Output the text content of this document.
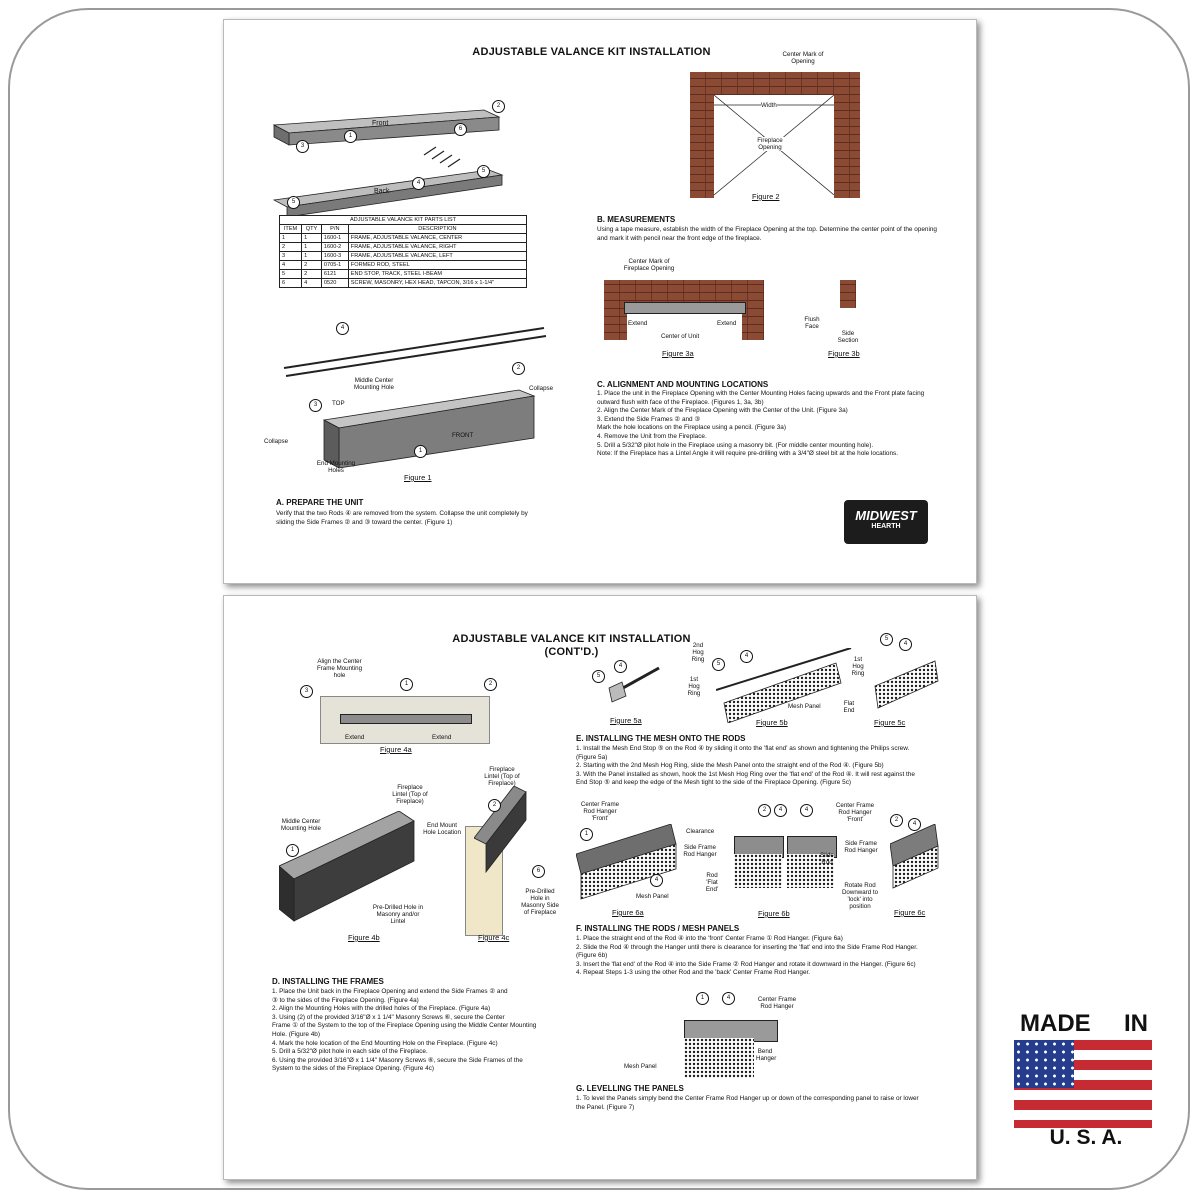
ADJUSTABLE VALANCE KIT INSTALLATION
Front
Back
1
2
3
6
4
5
5
ADJUSTABLE VALANCE KIT PARTS LIST			
ITEM	QTY	P/N	DESCRIPTION
1	1	1600-1	FRAME, ADJUSTABLE VALANCE, CENTER
2	1	1600-2	FRAME, ADJUSTABLE VALANCE, RIGHT
3	1	1600-3	FRAME, ADJUSTABLE VALANCE, LEFT
4	2	0705-1	FORMED ROD, STEEL
5	2	6121	END STOP, TRACK, STEEL I-BEAM
6	4	0520	SCREW, MASONRY, HEX HEAD, TAPCON, 3/16 x 1-1/4"
4
2
3
1
Middle Center Mounting Hole
TOP
FRONT
Collapse
Collapse
End Mounting Holes
Figure 1
A. PREPARE THE UNIT
Verify that the two Rods ④ are removed from the system. Collapse the unit completely by sliding the Side Frames ② and ③ toward the center. (Figure 1)
Center Mark of Opening
Width
Fireplace Opening
Figure 2
B. MEASUREMENTS
Using a tape measure, establish the width of the Fireplace Opening at the top. Determine the center point of the opening and mark it with pencil near the front edge of the fireplace.
Center Mark of Fireplace Opening
Extend	Extend
Center of Unit
Figure 3a
Flush Face
Side Section
Figure 3b
C. ALIGNMENT AND MOUNTING LOCATIONS
1. Place the unit in the Fireplace Opening with the Center Mounting Holes facing upwards and the Front plate facing outward flush with face of the Fireplace. (Figures 1, 3a, 3b)
2. Align the Center Mark of the Fireplace Opening with the Center of the Unit. (Figure 3a)
3. Extend the Side Frames ② and ③
Mark the hole locations on the Fireplace using a pencil. (Figure 3a)
4. Remove the Unit from the Fireplace.
5. Drill a 5/32"Ø pilot hole in the Fireplace using a masonry bit. (For middle center mounting hole).
Note: If the Fireplace has a Lintel Angle it will require pre-drilling with a 3/4"Ø steel bit at the hole locations.
MIDWEST
HEARTH
ADJUSTABLE VALANCE KIT INSTALLATION
(CONT'D.)
Align the Center Frame Mounting hole
3
1	2
Extend	Extend
Figure 4a
Fireplace Lintel (Top of Fireplace)
Middle Center Mounting Hole
1
Pre-Drilled Hole in Masonry and/or Lintel
Figure 4b
Fireplace Lintel (Top of Fireplace)
End Mount Hole Location
2
6
Pre-Drilled Hole in Masonry Side of Fireplace
Figure 4c
D. INSTALLING THE FRAMES
1. Place the Unit back in the Fireplace Opening and extend the Side Frames ② and
③ to the sides of the Fireplace Opening. (Figure 4a)
2. Align the Mounting Holes with the drilled holes of the Fireplace. (Figure 4a)
3. Using (2) of the provided 3/16"Ø x 1 1/4" Masonry Screws ⑥, secure the Center
Frame ① of the System to the top of the Fireplace Opening using the Middle Center Mounting Hole. (Figure 4b)
4. Mark the hole location of the End Mounting Hole on the Fireplace. (Figure 4c)
5. Drill a 5/32"Ø pilot hole in each side of the Fireplace.
6. Using the provided 3/16"Ø x 1 1/4" Masonry Screws ⑥, secure the Side Frames of the System to the sides of the Fireplace Opening. (Figure 4c)
5
4
Figure 5a
2nd Hog Ring
1st Hog Ring
5
4
Mesh Panel
Figure 5b
5
4
1st Hog Ring
Flat End
Figure 5c
E. INSTALLING THE MESH ONTO THE RODS
1. Install the Mesh End Stop ⑤ on the Rod ④ by sliding it onto the 'flat end' as shown and tightening the Philips screw. (Figure 5a)
2. Starting with the 2nd Mesh Hog Ring, slide the Mesh Panel onto the straight end of the Rod ④. (Figure 5b)
3. With the Panel installed as shown, hook the 1st Mesh Hog Ring over the 'flat end' of the Rod ④. It will rest against the End Stop ⑤ and keep the edge of the Mesh tight to the side of the Fireplace Opening. (Figure 5c)
Center Frame Rod Hanger 'Front'
1
4
Mesh Panel
Figure 6a
Clearance
Side Frame Rod Hanger
Rod 'Flat End'
Slide Rod
2	4	4
Center Frame Rod Hanger 'Front'
Figure 6b
2
4
Side Frame Rod Hanger
Rotate Rod Downward to 'lock' into position
Figure 6c
F. INSTALLING THE RODS / MESH PANELS
1. Place the straight end of the Rod ④ into the 'front' Center Frame ① Rod Hanger. (Figure 6a)
2. Slide the Rod ④ through the Hanger until there is clearance for inserting the 'flat' end into the Side Frame Rod Hanger. (Figure 6b)
3. Insert the 'flat end' of the Rod ④ into the Side Frame ② Rod Hanger and rotate it downward in the Hanger. (Figure 6c)
4. Repeat Steps 1-3 using the other Rod and the 'back' Center Frame Rod Hanger.
1	4	Center Frame Rod Hanger
Mesh Panel
Bend Hanger
G. LEVELLING THE PANELS
1. To level the Panels simply bend the Center Frame Rod Hanger up or down of the corresponding panel to raise or lower the Panel. (Figure 7)
MADE IN
U. S. A.
